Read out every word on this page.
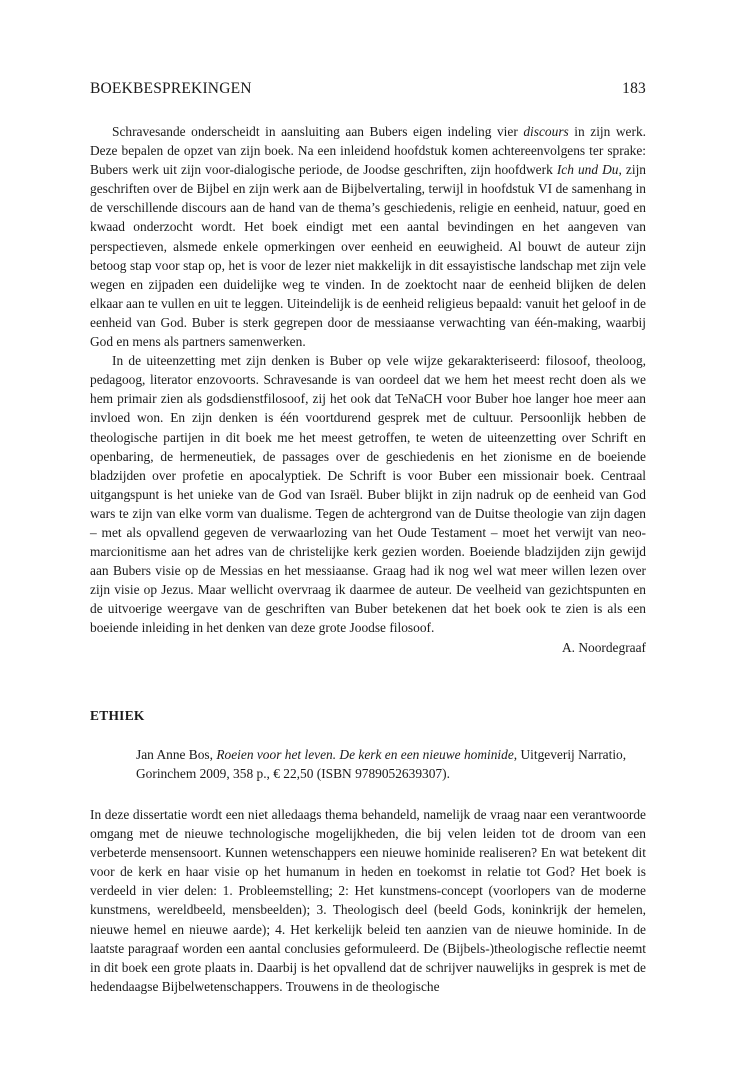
BOEKBESPREKINGEN	183

Schravesande onderscheidt in aansluiting aan Bubers eigen indeling vier discours in zijn werk. Deze bepalen de opzet van zijn boek. Na een inleidend hoofdstuk komen achtereenvolgens ter sprake: Bubers werk uit zijn voor-dialogische periode, de Joodse geschriften, zijn hoofdwerk Ich und Du, zijn geschriften over de Bijbel en zijn werk aan de Bijbelvertaling, terwijl in hoofdstuk VI de samenhang in de verschillende discours aan de hand van de thema’s geschiedenis, religie en eenheid, natuur, goed en kwaad onderzocht wordt. Het boek eindigt met een aantal bevindingen en het aangeven van perspectieven, alsmede enkele opmerkingen over eenheid en eeuwigheid. Al bouwt de auteur zijn betoog stap voor stap op, het is voor de lezer niet makkelijk in dit essayistische landschap met zijn vele wegen en zijpaden een duidelijke weg te vinden. In de zoektocht naar de eenheid blijken de delen elkaar aan te vullen en uit te leggen. Uiteindelijk is de eenheid religieus bepaald: vanuit het geloof in de eenheid van God. Buber is sterk gegrepen door de messiaanse verwachting van één-making, waarbij God en mens als partners samenwerken.

In de uiteenzetting met zijn denken is Buber op vele wijze gekarakteriseerd: filosoof, theoloog, pedagoog, literator enzovoorts. Schravesande is van oordeel dat we hem het meest recht doen als we hem primair zien als godsdienstfilosoof, zij het ook dat TeNaCH voor Buber hoe langer hoe meer aan invloed won. En zijn denken is één voortdurend gesprek met de cultuur. Persoonlijk hebben de theologische partijen in dit boek me het meest getroffen, te weten de uiteenzetting over Schrift en openbaring, de hermeneutiek, de passages over de geschiedenis en het zionisme en de boeiende bladzijden over profetie en apocalyptiek. De Schrift is voor Buber een missionair boek. Centraal uitgangspunt is het unieke van de God van Israël. Buber blijkt in zijn nadruk op de eenheid van God wars te zijn van elke vorm van dualisme. Tegen de achtergrond van de Duitse theologie van zijn dagen – met als opvallend gegeven de verwaarlozing van het Oude Testament – moet het verwijt van neo-marcionitisme aan het adres van de christelijke kerk gezien worden. Boeiende bladzijden zijn gewijd aan Bubers visie op de Messias en het messiaanse. Graag had ik nog wel wat meer willen lezen over zijn visie op Jezus. Maar wellicht overvraag ik daarmee de auteur. De veelheid van gezichtspunten en de uitvoerige weergave van de geschriften van Buber betekenen dat het boek ook te zien is als een boeiende inleiding in het denken van deze grote Joodse filosoof.

A. Noordegraaf

ETHIEK
Jan Anne Bos, Roeien voor het leven. De kerk en een nieuwe hominide, Uitgeverij Narratio, Gorinchem 2009, 358 p., € 22,50 (ISBN 9789052639307).

In deze dissertatie wordt een niet alledaags thema behandeld, namelijk de vraag naar een verantwoorde omgang met de nieuwe technologische mogelijkheden, die bij velen leiden tot de droom van een verbeterde mensensoort. Kunnen wetenschappers een nieuwe hominide realiseren? En wat betekent dit voor de kerk en haar visie op het humanum in heden en toekomst in relatie tot God? Het boek is verdeeld in vier delen: 1. Probleemstelling; 2: Het kunstmens-concept (voorlopers van de moderne kunstmens, wereldbeeld, mensbeelden); 3. Theologisch deel (beeld Gods, koninkrijk der hemelen, nieuwe hemel en nieuwe aarde); 4. Het kerkelijk beleid ten aanzien van de nieuwe hominide. In de laatste paragraaf worden een aantal conclusies geformuleerd. De (Bijbels-)theologische reflectie neemt in dit boek een grote plaats in. Daarbij is het opvallend dat de schrijver nauwelijks in gesprek is met de hedendaagse Bijbelwetenschappers. Trouwens in de theologische
